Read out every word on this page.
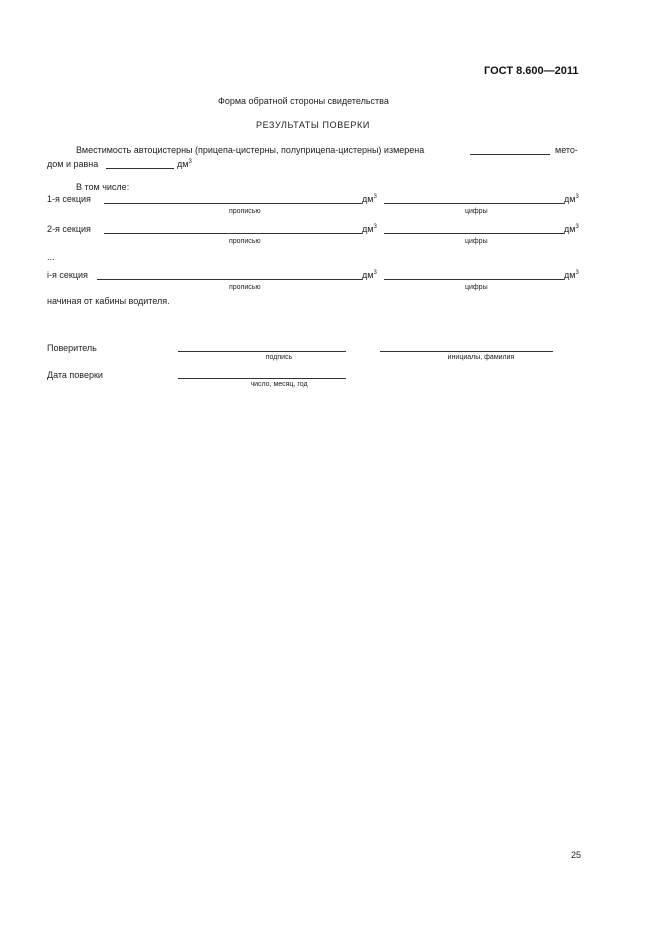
ГОСТ 8.600—2011
Форма обратной стороны свидетельства
РЕЗУЛЬТАТЫ ПОВЕРКИ
Вместимость автоцистерны (прицепа-цистерны, полуприцепа-цистерны) измерена	мето-
дом и равна	$дм^3$
В том числе:
1-я секция	$дм^3$	$дм^3$
прописью	цифры
2-я секция	$дм^3$	$дм^3$
прописью	цифры
...
i-я секция	$дм^3$	$дм^3$
прописью	цифры
начиная от кабины водителя.
Поверитель
подпись	инициалы, фамилия
Дата поверки
число, месяц, год
25
